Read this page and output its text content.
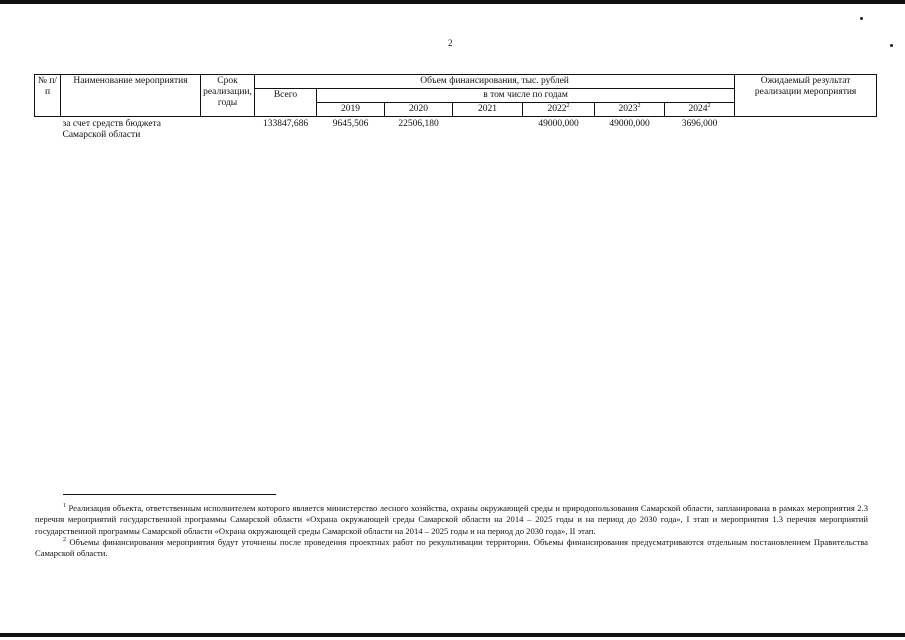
2
№ п/п	Наименование мероприятия	Срок реализации, годы	Объем финансирования, тыс. рублей							Ожидаемый результат реализации мероприятия
			Всего	в том числе по годам						
				2019	2020	2021	2022$^2$	2023$^2$	2024$^2$
	за счет средств бюджета Самарской области		133847,686	9645,506	22506,180		49000,000	49000,000	3696,000	

$^1$ Реализация объекта, ответственным исполнителем которого является министерство лесного хозяйства, охраны окружающей среды и природопользования Самарской области, запланирована в рамках мероприятия 2.3 перечня мероприятий государственной программы Самарской области «Охрана окружающей среды Самарской области на 2014 – 2025 годы и на период до 2030 года», I этап и мероприятия 1.3 перечня мероприятий государственной программы Самарской области «Охрана окружающей среды Самарской области на 2014 – 2025 годы и на период до 2030 года», II этап.

$^2$ Объемы финансирования мероприятия будут уточнены после проведения проектных работ по рекультивации территории. Объемы финансирования предусматриваются отдельным постановлением Правительства Самарской области.
